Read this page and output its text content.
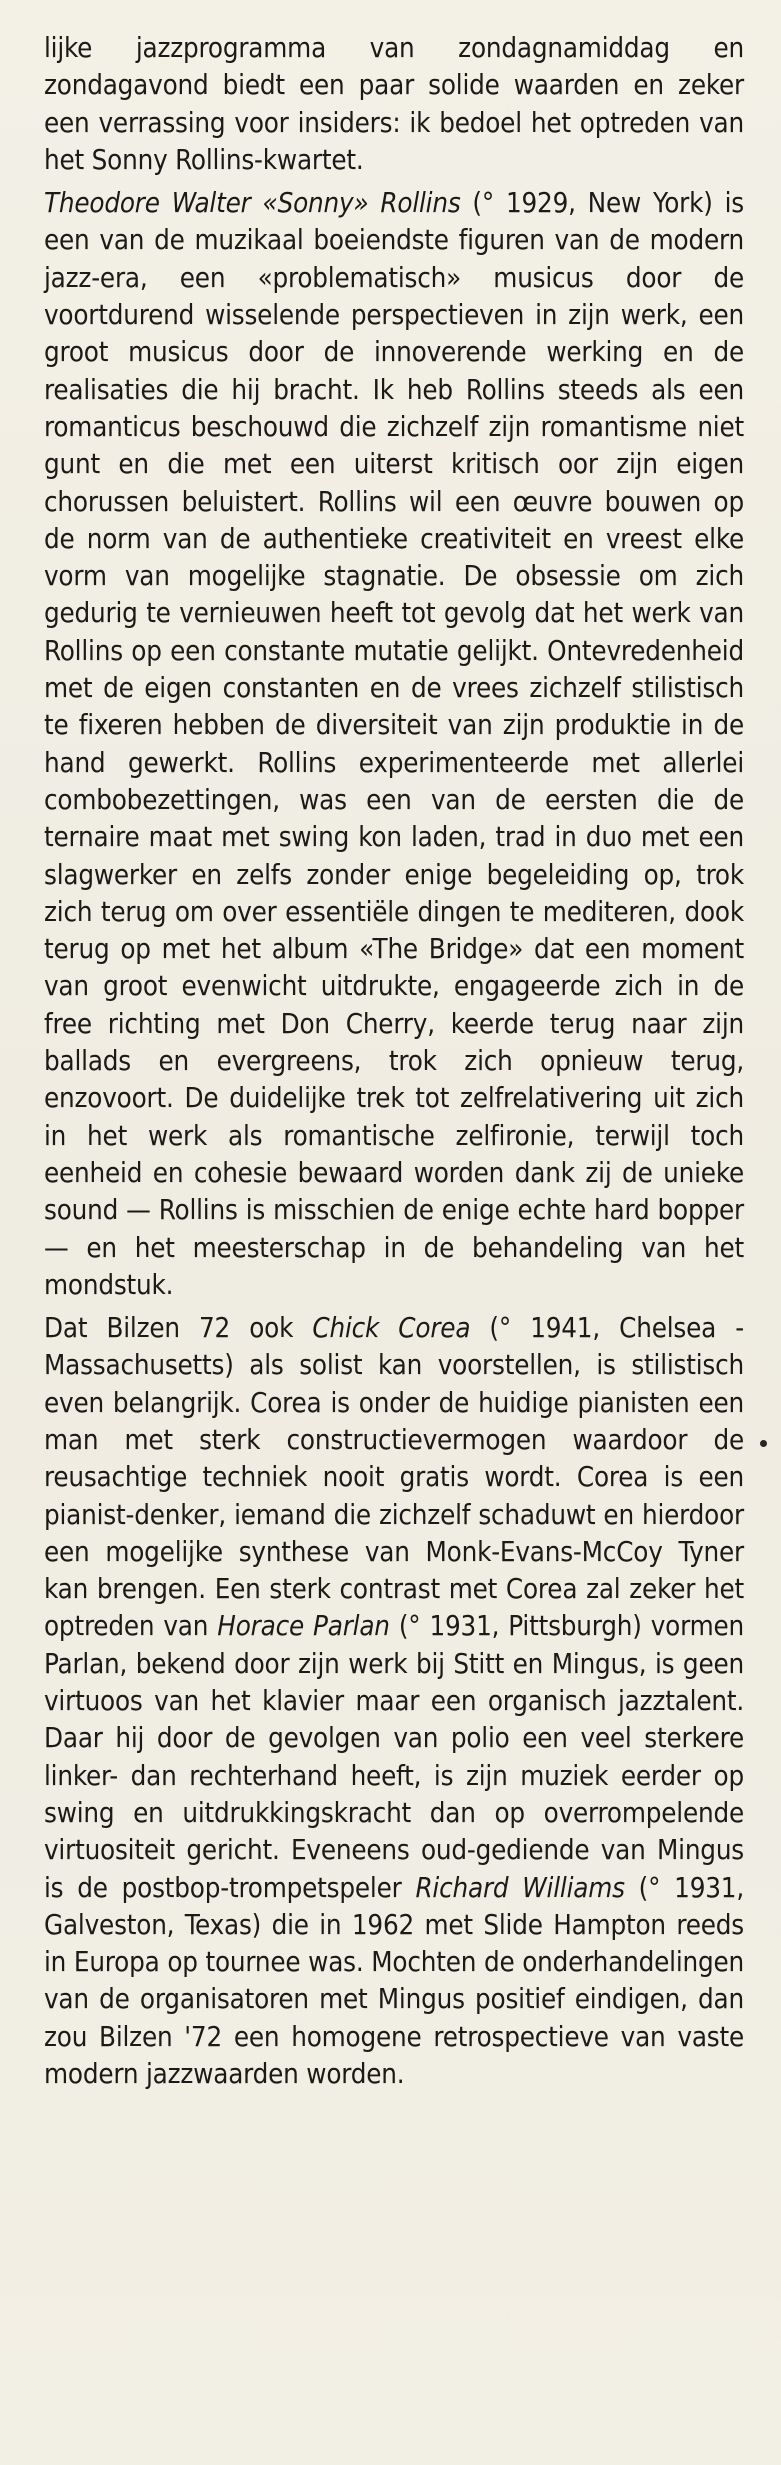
lijke jazzprogramma van zondagnamiddag en zondagavond biedt een paar solide waarden en zeker een verrassing voor insiders: ik bedoel het optreden van het Sonny Rollins-kwartet.

Theodore Walter «Sonny» Rollins (° 1929, New York) is een van de muzikaal boeiendste figuren van de modern jazz-era, een «problematisch» musicus door de voortdurend wisselende perspectieven in zijn werk, een groot musicus door de innoverende werking en de realisaties die hij bracht. Ik heb Rollins steeds als een romanticus beschouwd die zichzelf zijn romantisme niet gunt en die met een uiterst kritisch oor zijn eigen chorussen beluistert. Rollins wil een œuvre bouwen op de norm van de authentieke creativiteit en vreest elke vorm van mogelijke stagnatie. De obsessie om zich gedurig te vernieuwen heeft tot gevolg dat het werk van Rollins op een constante mutatie gelijkt. Ontevredenheid met de eigen constanten en de vrees zichzelf stilistisch te fixeren hebben de diversiteit van zijn produktie in de hand gewerkt. Rollins experimenteerde met allerlei combobezettingen, was een van de eersten die de ternaire maat met swing kon laden, trad in duo met een slagwerker en zelfs zonder enige begeleiding op, trok zich terug om over essentiële dingen te mediteren, dook terug op met het album «The Bridge» dat een moment van groot evenwicht uitdrukte, engageerde zich in de free richting met Don Cherry, keerde terug naar zijn ballads en evergreens, trok zich opnieuw terug, enzovoort. De duidelijke trek tot zelfrelativering uit zich in het werk als romantische zelfironie, terwijl toch eenheid en cohesie bewaard worden dank zij de unieke sound — Rollins is misschien de enige echte hard bopper — en het meesterschap in de behandeling van het mondstuk.

Dat Bilzen 72 ook Chick Corea (° 1941, Chelsea - Massachusetts) als solist kan voorstellen, is stilistisch even belangrijk. Corea is onder de huidige pianisten een man met sterk constructievermogen waardoor de reusachtige techniek nooit gratis wordt. Corea is een pianist-denker, iemand die zichzelf schaduwt en hierdoor een mogelijke synthese van Monk-Evans-McCoy Tyner kan brengen. Een sterk contrast met Corea zal zeker het optreden van Horace Parlan (° 1931, Pittsburgh) vormen Parlan, bekend door zijn werk bij Stitt en Mingus, is geen virtuoos van het klavier maar een organisch jazztalent. Daar hij door de gevolgen van polio een veel sterkere linker- dan rechterhand heeft, is zijn muziek eerder op swing en uitdrukkingskracht dan op overrompelende virtuositeit gericht. Eveneens oud-gediende van Mingus is de postbop-trompetspeler Richard Williams (° 1931, Galveston, Texas) die in 1962 met Slide Hampton reeds in Europa op tournee was. Mochten de onderhandelingen van de organisatoren met Mingus positief eindigen, dan zou Bilzen '72 een homogene retrospectieve van vaste modern jazzwaarden worden.
